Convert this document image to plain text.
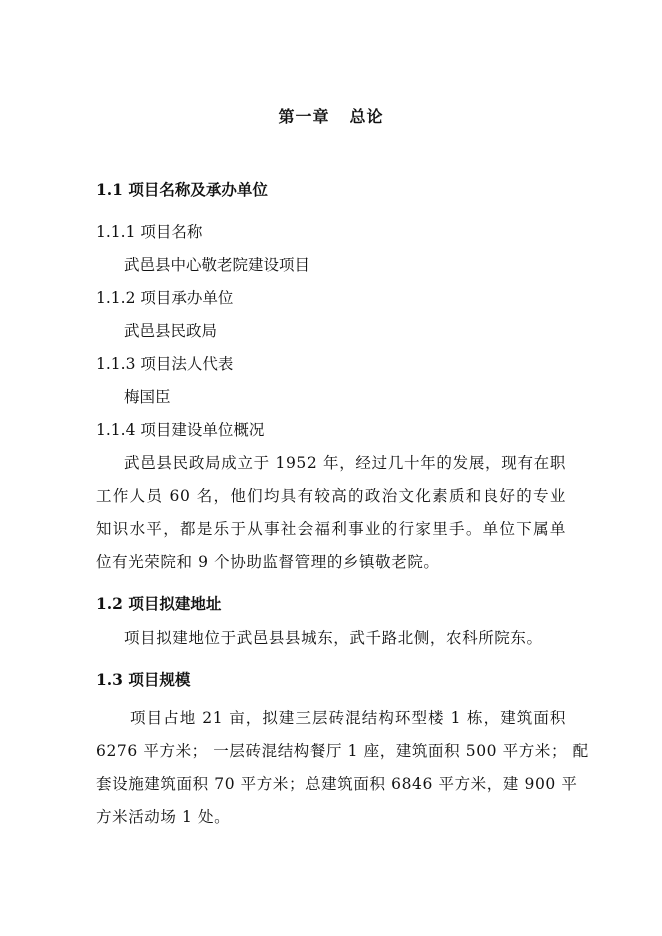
第一章 总论
1.1 项目名称及承办单位
1.1.1 项目名称
武邑县中心敬老院建设项目
1.1.2 项目承办单位
武邑县民政局
1.1.3 项目法人代表
梅国臣
1.1.4 项目建设单位概况
武邑县民政局成立于 1952 年，经过几十年的发展，现有在职
工作人员 60 名，他们均具有较高的政治文化素质和良好的专业
知识水平，都是乐于从事社会福利事业的行家里手。单位下属单
位有光荣院和 9 个协助监督管理的乡镇敬老院。
1.2 项目拟建地址
项目拟建地位于武邑县县城东，武千路北侧，农科所院东。
1.3 项目规模
项目占地 21 亩，拟建三层砖混结构环型楼 1 栋，建筑面积
6276 平方米； 一层砖混结构餐厅 1 座，建筑面积 500 平方米； 配
套设施建筑面积 70 平方米；总建筑面积 6846 平方米，建 900 平
方米活动场 1 处。
